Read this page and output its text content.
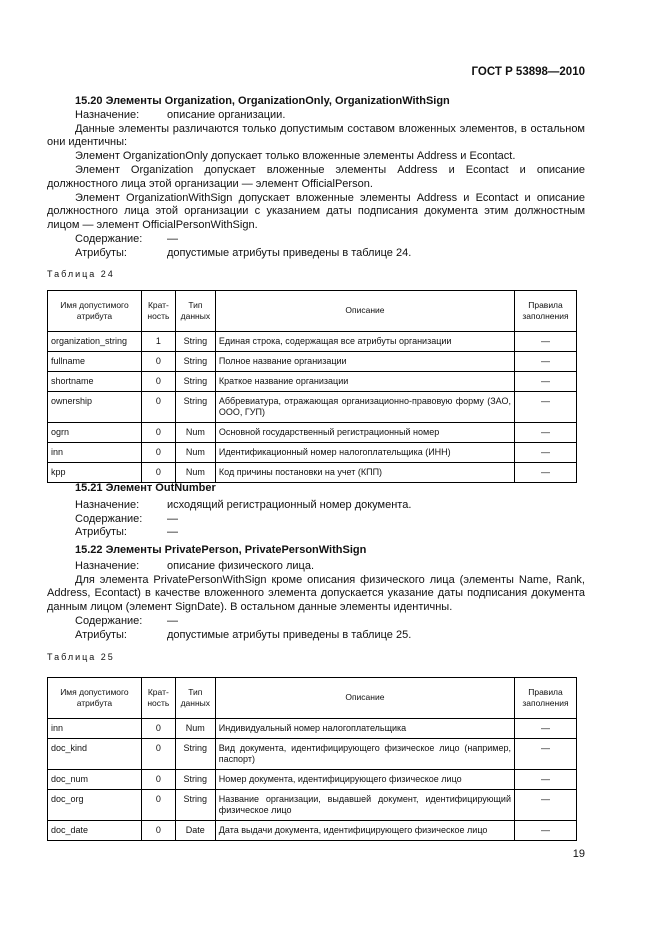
ГОСТ Р 53898—2010

15.20 Элементы Organization, OrganizationOnly, OrganizationWithSign

Назначение:	описание организации.

Данные элементы различаются только допустимым составом вложенных элементов, в остальном они идентичны:

Элемент OrganizationOnly допускает только вложенные элементы Address и Econtact.

Элемент Organization допускает вложенные элементы Address и Econtact и описание должностного лица этой организации — элемент OfficialPerson.

Элемент OrganizationWithSign допускает вложенные элементы Address и Econtact и описание должностного лица этой организации с указанием даты подписания документа этим должностным лицом — элемент OfficialPersonWithSign.

Содержание:	—
Атрибуты:	допустимые атрибуты приведены в таблице 24.

Таблица 24

Имя допустимого атрибута	Крат-ность	Тип данных	Описание	Правила заполнения
organization_string	1	String	Единая строка, содержащая все атрибуты организации	—
fullname	0	String	Полное название организации	—
shortname	0	String	Краткое название организации	—
ownership	0	String	Аббревиатура, отражающая организационно-правовую форму (ЗАО, ООО, ГУП)	—
ogrn	0	Num	Основной государственный регистрационный номер	—
inn	0	Num	Идентификационный номер налогоплательщика (ИНН)	—
kpp	0	Num	Код причины постановки на учет (КПП)	—

15.21 Элемент OutNumber

Назначение:	исходящий регистрационный номер документа.
Содержание:	—
Атрибуты:	—

15.22 Элементы PrivatePerson, PrivatePersonWithSign

Назначение:	описание физического лица.

Для элемента PrivatePersonWithSign кроме описания физического лица (элементы Name, Rank, Address, Econtact) в качестве вложенного элемента допускается указание даты подписания документа данным лицом (элемент SignDate). В остальном данные элементы идентичны.

Содержание:	—
Атрибуты:	допустимые атрибуты приведены в таблице 25.

Таблица 25

Имя допустимого атрибута	Крат-ность	Тип данных	Описание	Правила заполнения
inn	0	Num	Индивидуальный номер налогоплательщика	—
doc_kind	0	String	Вид документа, идентифицирующего физическое лицо (например, паспорт)	—
doc_num	0	String	Номер документа, идентифицирующего физическое лицо	—
doc_org	0	String	Название организации, выдавшей документ, идентифицирующий физическое лицо	—
doc_date	0	Date	Дата выдачи документа, идентифицирующего физическое лицо	—
19
